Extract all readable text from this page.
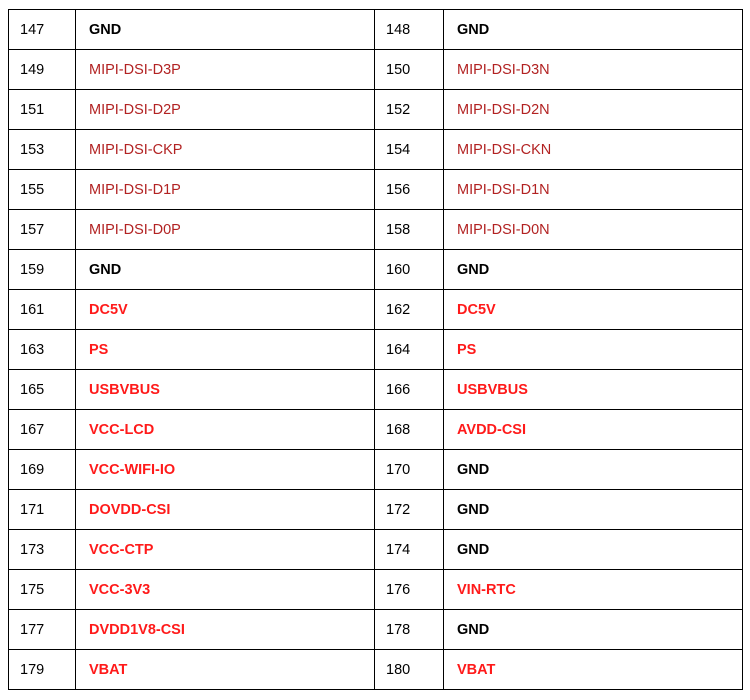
147	GND	148	GND
149	MIPI-DSI-D3P	150	MIPI-DSI-D3N
151	MIPI-DSI-D2P	152	MIPI-DSI-D2N
153	MIPI-DSI-CKP	154	MIPI-DSI-CKN
155	MIPI-DSI-D1P	156	MIPI-DSI-D1N
157	MIPI-DSI-D0P	158	MIPI-DSI-D0N
159	GND	160	GND
161	DC5V	162	DC5V
163	PS	164	PS
165	USBVBUS	166	USBVBUS
167	VCC-LCD	168	AVDD-CSI
169	VCC-WIFI-IO	170	GND
171	DOVDD-CSI	172	GND
173	VCC-CTP	174	GND
175	VCC-3V3	176	VIN-RTC
177	DVDD1V8-CSI	178	GND
179	VBAT	180	VBAT
